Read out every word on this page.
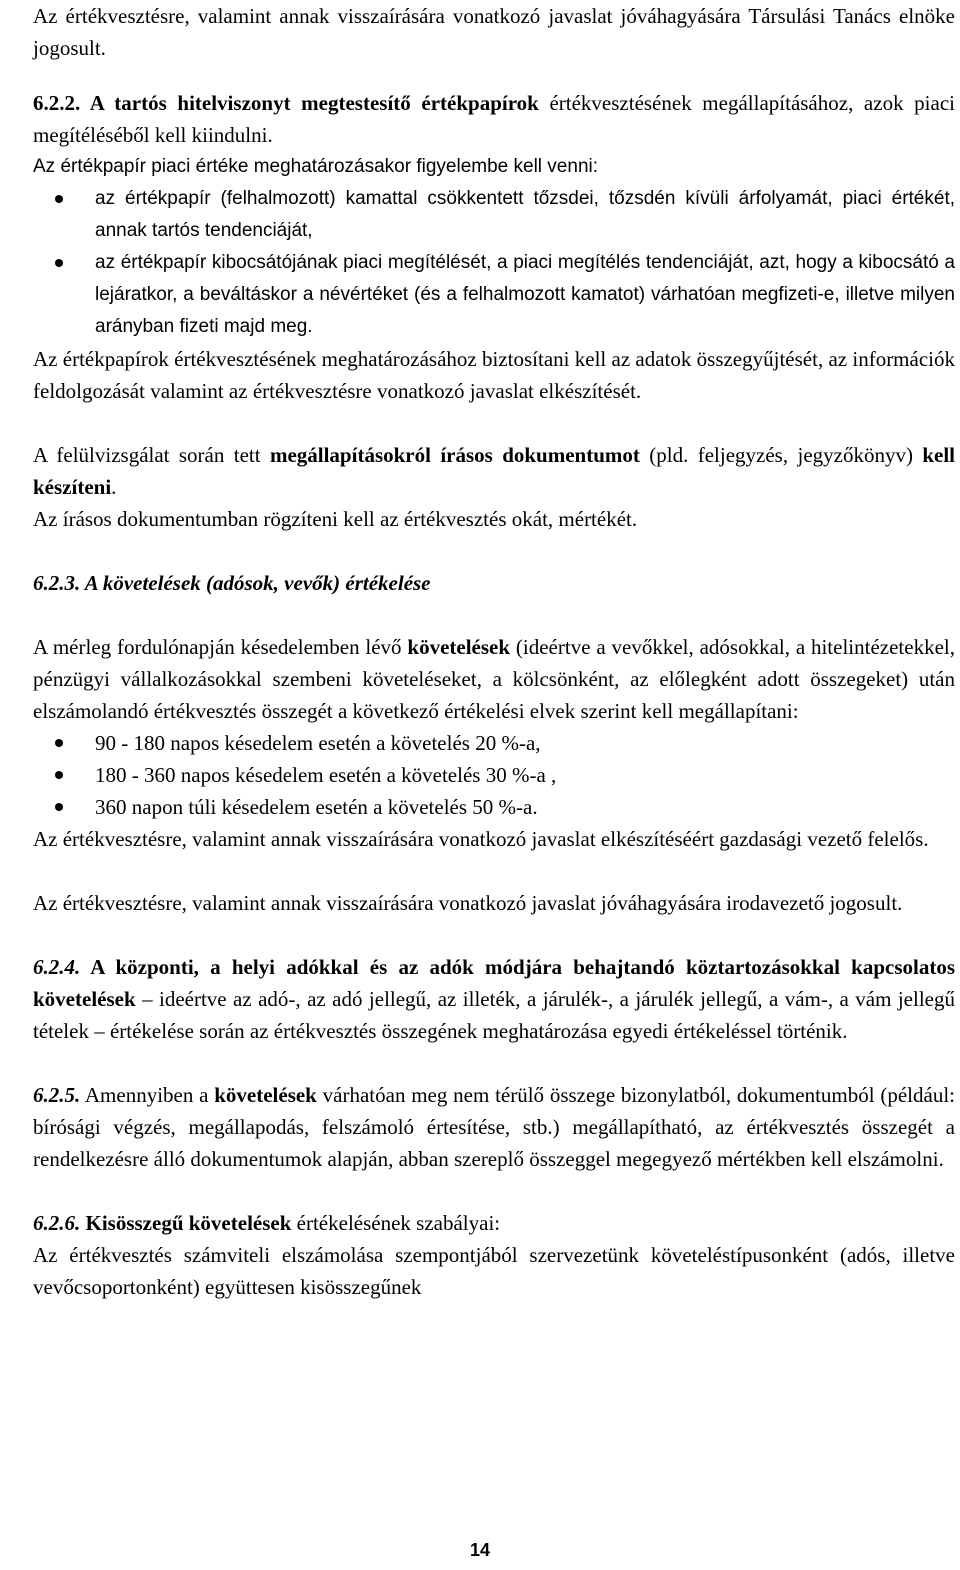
Az értékvesztésre, valamint annak visszaírására vonatkozó javaslat jóváhagyására Társulási Tanács elnöke jogosult.

6.2.2. A tartós hitelviszonyt megtestesítő értékpapírok értékvesztésének megállapításához, azok piaci megítéléséből kell kiindulni.

Az értékpapír piaci értéke meghatározásakor figyelembe kell venni:

az értékpapír (felhalmozott) kamattal csökkentett tőzsdei, tőzsdén kívüli árfolyamát, piaci értékét, annak tartós tendenciáját,
az értékpapír kibocsátójának piaci megítélését, a piaci megítélés tendenciáját, azt, hogy a kibocsátó a lejáratkor, a beváltáskor a névértéket (és a felhalmozott kamatot) várhatóan megfizeti-e, illetve milyen arányban fizeti majd meg.

Az értékpapírok értékvesztésének meghatározásához biztosítani kell az adatok összegyűjtését, az információk feldolgozását valamint az értékvesztésre vonatkozó javaslat elkészítését.

A felülvizsgálat során tett megállapításokról írásos dokumentumot (pld. feljegyzés, jegyzőkönyv) kell készíteni.

Az írásos dokumentumban rögzíteni kell az értékvesztés okát, mértékét.

6.2.3. A követelések (adósok, vevők) értékelése

A mérleg fordulónapján késedelemben lévő követelések (ideértve a vevőkkel, adósokkal, a hitelintézetekkel, pénzügyi vállalkozásokkal szembeni követeléseket, a kölcsönként, az előlegként adott összegeket) után elszámolandó értékvesztés összegét a következő értékelési elvek szerint kell megállapítani:

90 - 180 napos késedelem esetén a követelés 20 %-a,
180 - 360 napos késedelem esetén a követelés 30 %-a ,
360 napon túli késedelem esetén a követelés 50 %-a.

Az értékvesztésre, valamint annak visszaírására vonatkozó javaslat elkészítéséért gazdasági vezető felelős.

Az értékvesztésre, valamint annak visszaírására vonatkozó javaslat jóváhagyására irodavezető jogosult.

6.2.4. A központi, a helyi adókkal és az adók módjára behajtandó köztartozásokkal kapcsolatos követelések – ideértve az adó-, az adó jellegű, az illeték, a járulék-, a járulék jellegű, a vám-, a vám jellegű tételek – értékelése során az értékvesztés összegének meghatározása egyedi értékeléssel történik.

6.2.5. Amennyiben a követelések várhatóan meg nem térülő összege bizonylatból, dokumentumból (például: bírósági végzés, megállapodás, felszámoló értesítése, stb.) megállapítható, az értékvesztés összegét a rendelkezésre álló dokumentumok alapján, abban szereplő összeggel megegyező mértékben kell elszámolni.

6.2.6. Kisösszegű követelések értékelésének szabályai:

Az értékvesztés számviteli elszámolása szempontjából szervezetünk követeléstípusonként (adós, illetve vevőcsoportonként) együttesen kisösszegűnek

14
